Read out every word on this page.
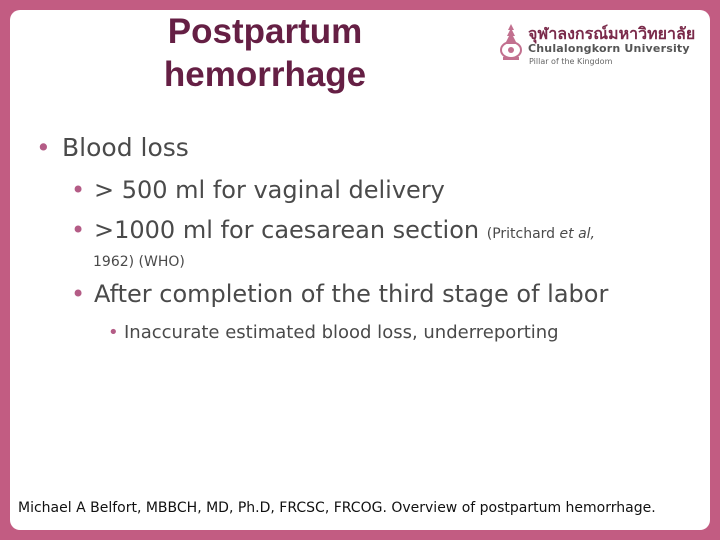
Postpartum
hemorrhage
จุฬาลงกรณ์มหาวิทยาลัย
Chulalongkorn University
Pillar of the Kingdom
• Blood loss
• > 500 ml for vaginal delivery
• >1000 ml for caesarean section (Pritchard et al,
1962) (WHO)
• After completion of the third stage of labor
• Inaccurate estimated blood loss, underreporting
Michael A Belfort, MBBCH, MD, Ph.D, FRCSC, FRCOG. Overview of postpartum hemorrhage.
